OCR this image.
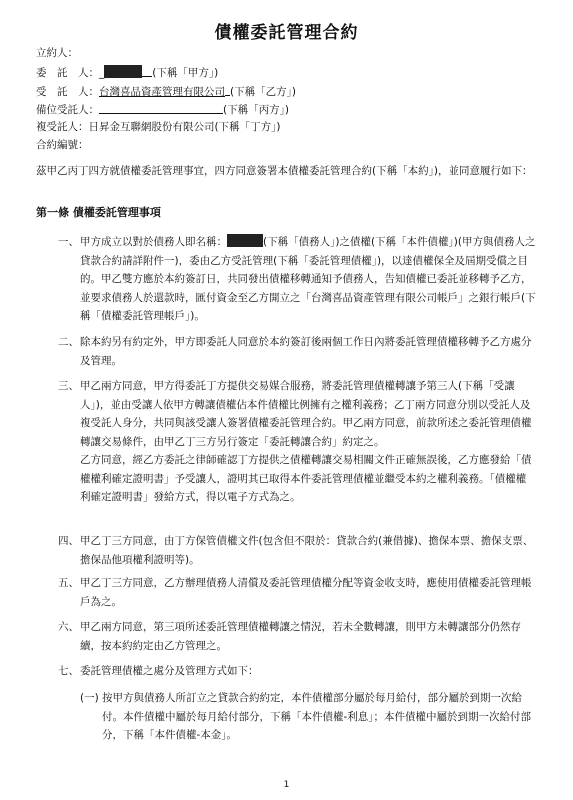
債權委託管理合約
立約人：
委　託　人：_	(下稱「甲方」)
受　託　人：台灣喜品資產管理有限公司 (下稱「乙方」)
備位受託人：	(下稱「丙方」)
複受託人：日昇金互聯網股份有限公司(下稱「丁方」)
合約編號：
茲甲乙丙丁四方就債權委託管理事宜，四方同意簽署本債權委託管理合約(下稱「本約」)，並同意履行如下：
第一條 債權委託管理事項
一、 甲方成立以對於債務人即名稱：	(下稱「債務人」)之債權(下稱「本件債權」)(甲方與債務人之貸款合約請詳附件一)，委由乙方受託管理(下稱「委託管理債權」)，以達債權保全及屆期受償之目的。甲乙雙方應於本約簽訂日，共同發出債權移轉通知予債務人，告知債權已委託並移轉予乙方，並要求債務人於還款時，匯付資金至乙方開立之「台灣喜品資產管理有限公司帳戶」之銀行帳戶(下稱「債權委託管理帳戶」)。
二、 除本約另有約定外，甲方即委託人同意於本約簽訂後兩個工作日內將委託管理債權移轉予乙方處分及管理。
三、 甲乙兩方同意，甲方得委託丁方提供交易媒合服務，將委託管理債權轉讓予第三人(下稱「受讓人」)，並由受讓人依甲方轉讓債權佔本件債權比例擁有之權利義務；乙丁兩方同意分別以受託人及複受託人身分，共同與該受讓人簽署債權委託管理合約。甲乙兩方同意，前款所述之委託管理債權轉讓交易條件，由甲乙丁三方另行簽定「委託轉讓合約」約定之。
乙方同意，經乙方委託之律師確認丁方提供之債權轉讓交易相關文件正確無誤後，乙方應發給「債權權利確定證明書」予受讓人，證明其已取得本件委託管理債權並繼受本約之權利義務。「債權權利確定證明書」發給方式，得以電子方式為之。
四、 甲乙丁三方同意，由丁方保管債權文件(包含但不限於：貸款合約(兼借據)、擔保本票、擔保支票、擔保品他項權利證明等)。
五、 甲乙丁三方同意，乙方辦理債務人清償及委託管理債權分配等資金收支時，應使用債權委託管理帳戶為之。
六、 甲乙兩方同意，第三項所述委託管理債權轉讓之情況，若未全數轉讓，則甲方未轉讓部分仍然存續，按本約約定由乙方管理之。
七、 委託管理債權之處分及管理方式如下：
(一) 按甲方與債務人所訂立之貸款合約約定，本件債權部分屬於每月給付，部分屬於到期一次給付。本件債權中屬於每月給付部分，下稱「本件債權-利息」；本件債權中屬於到期一次給付部分，下稱「本件債權-本金」。
1
